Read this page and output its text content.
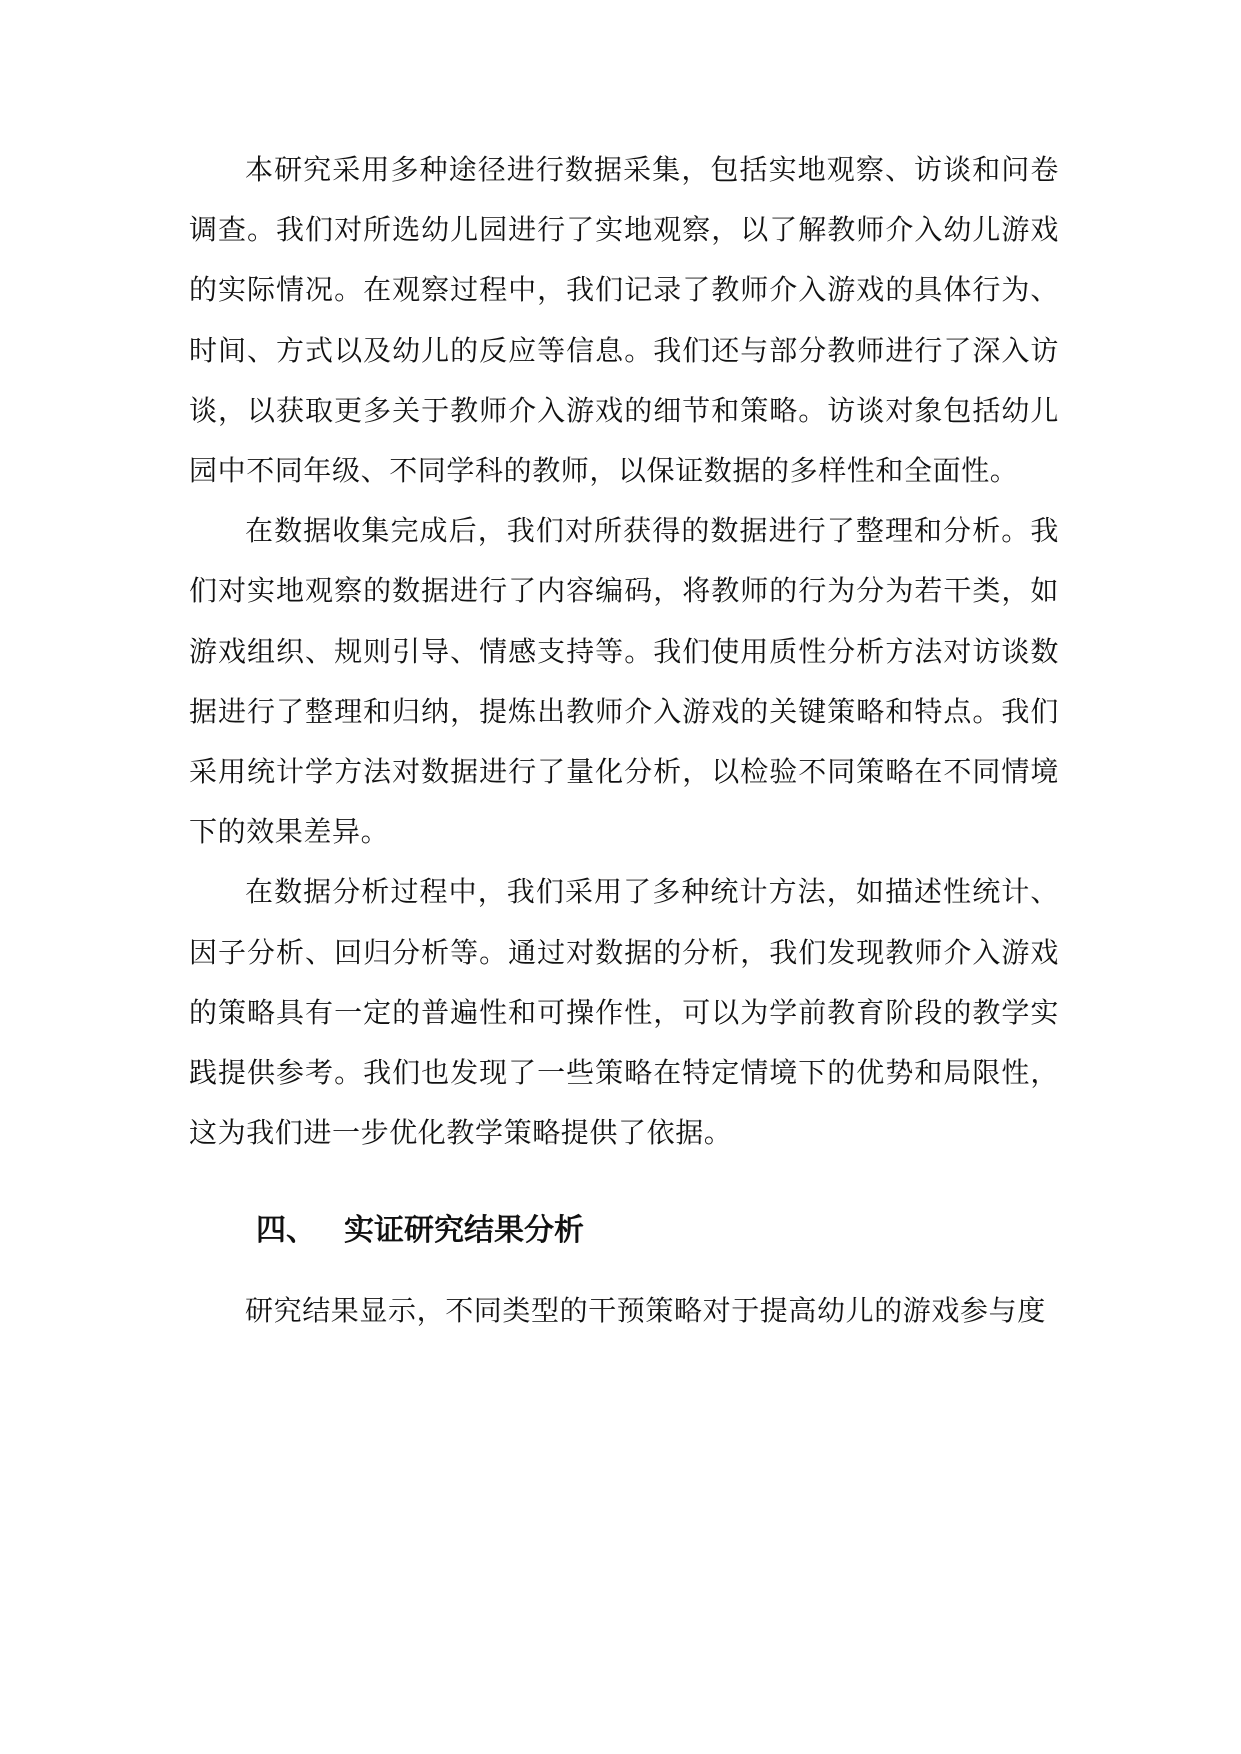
本研究采用多种途径进行数据采集，包括实地观察、访谈和问卷调查。我们对所选幼儿园进行了实地观察，以了解教师介入幼儿游戏的实际情况。在观察过程中，我们记录了教师介入游戏的具体行为、时间、方式以及幼儿的反应等信息。我们还与部分教师进行了深入访谈，以获取更多关于教师介入游戏的细节和策略。访谈对象包括幼儿园中不同年级、不同学科的教师，以保证数据的多样性和全面性。

在数据收集完成后，我们对所获得的数据进行了整理和分析。我们对实地观察的数据进行了内容编码，将教师的行为分为若干类，如游戏组织、规则引导、情感支持等。我们使用质性分析方法对访谈数据进行了整理和归纳，提炼出教师介入游戏的关键策略和特点。我们采用统计学方法对数据进行了量化分析，以检验不同策略在不同情境下的效果差异。

在数据分析过程中，我们采用了多种统计方法，如描述性统计、因子分析、回归分析等。通过对数据的分析，我们发现教师介入游戏的策略具有一定的普遍性和可操作性，可以为学前教育阶段的教学实践提供参考。我们也发现了一些策略在特定情境下的优势和局限性，这为我们进一步优化教学策略提供了依据。

四、 实证研究结果分析

研究结果显示，不同类型的干预策略对于提高幼儿的游戏参与度
